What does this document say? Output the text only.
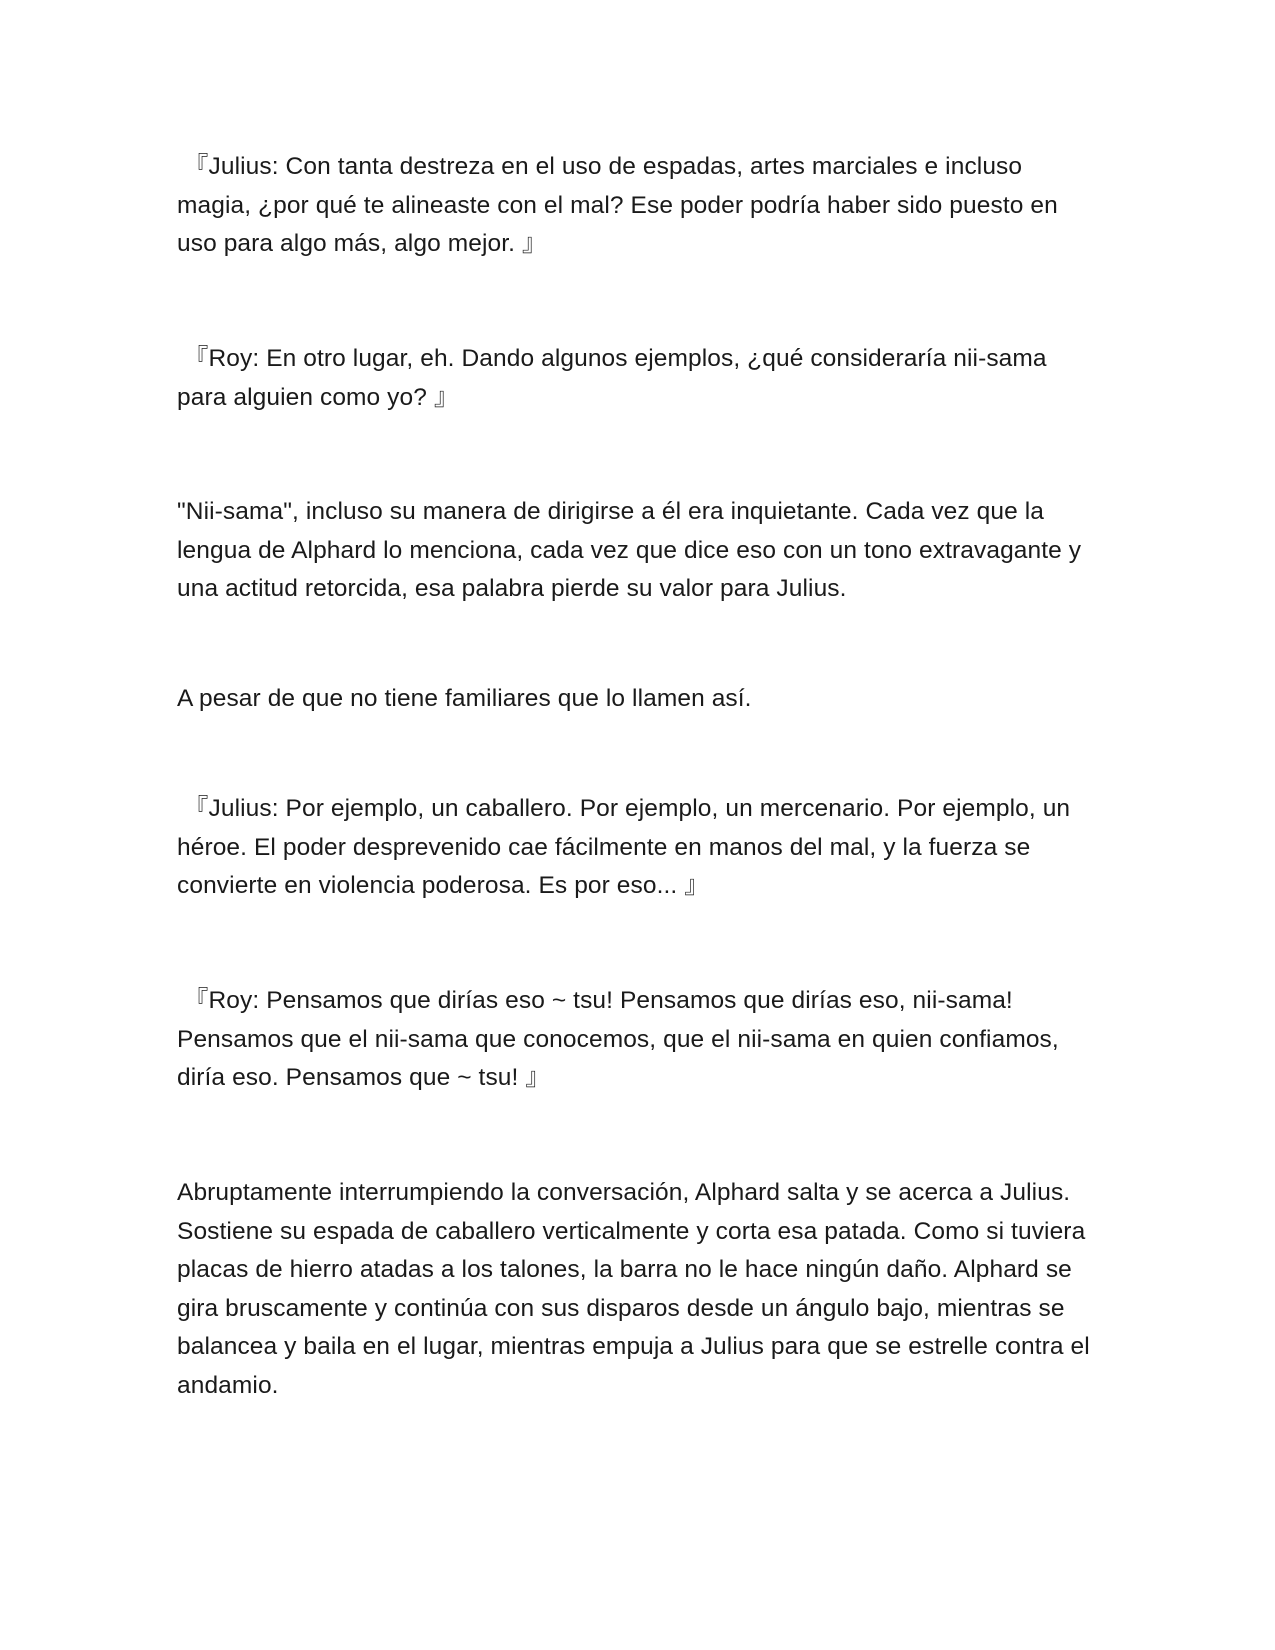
『Julius: Con tanta destreza en el uso de espadas, artes marciales e incluso magia, ¿por qué te alineaste con el mal? Ese poder podría haber sido puesto en uso para algo más, algo mejor. 』

『Roy: En otro lugar, eh. Dando algunos ejemplos, ¿qué consideraría nii-sama para alguien como yo? 』

"Nii-sama", incluso su manera de dirigirse a él era inquietante. Cada vez que la lengua de Alphard lo menciona, cada vez que dice eso con un tono extravagante y una actitud retorcida, esa palabra pierde su valor para Julius.

A pesar de que no tiene familiares que lo llamen así.

『Julius: Por ejemplo, un caballero. Por ejemplo, un mercenario. Por ejemplo, un héroe. El poder desprevenido cae fácilmente en manos del mal, y la fuerza se convierte en violencia poderosa. Es por eso... 』

『Roy: Pensamos que dirías eso ~ tsu! Pensamos que dirías eso, nii-sama! Pensamos que el nii-sama que conocemos, que el nii-sama en quien confiamos, diría eso. Pensamos que ~ tsu! 』

Abruptamente interrumpiendo la conversación, Alphard salta y se acerca a Julius. Sostiene su espada de caballero verticalmente y corta esa patada. Como si tuviera placas de hierro atadas a los talones, la barra no le hace ningún daño. Alphard se gira bruscamente y continúa con sus disparos desde un ángulo bajo, mientras se balancea y baila en el lugar, mientras empuja a Julius para que se estrelle contra el andamio.
